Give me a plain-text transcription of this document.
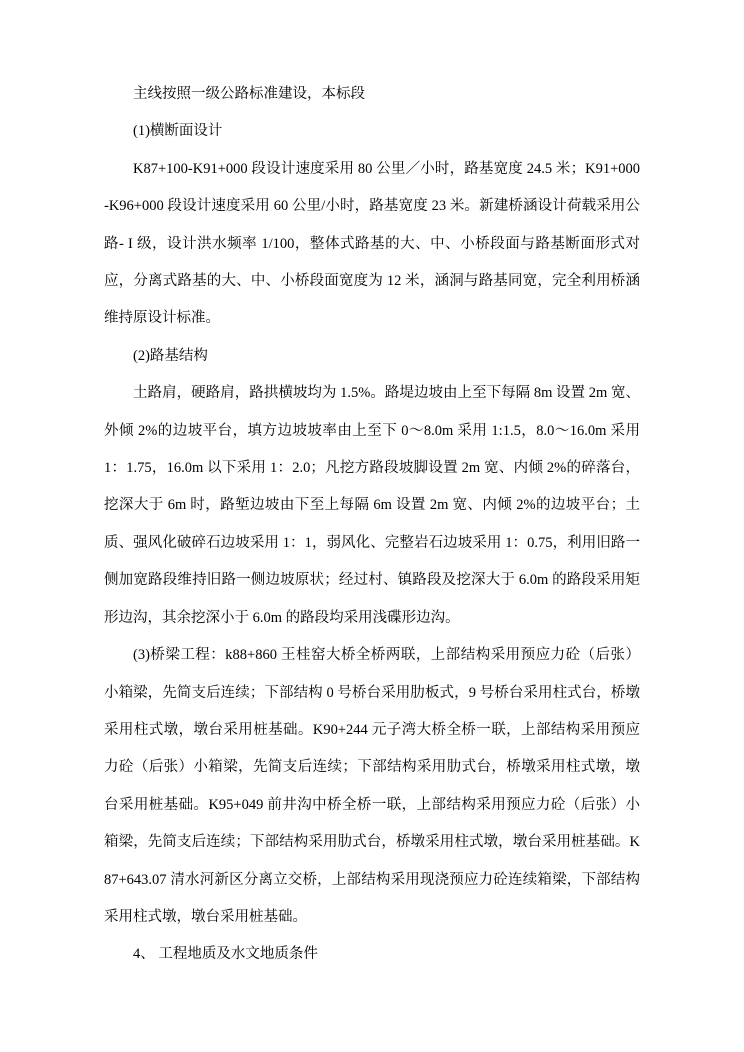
主线按照一级公路标准建设，本标段

(1)横断面设计

K87+100-K91+000 段设计速度采用 80 公里／小时，路基宽度 24.5 米；K91+000-K96+000 段设计速度采用 60 公里/小时，路基宽度 23 米。新建桥涵设计荷载采用公路- I 级，设计洪水频率 1/100，整体式路基的大、中、小桥段面与路基断面形式对应，分离式路基的大、中、小桥段面宽度为 12 米，涵洞与路基同宽，完全利用桥涵维持原设计标准。

(2)路基结构

土路肩，硬路肩，路拱横坡均为 1.5%。路堤边坡由上至下每隔 8m 设置 2m 宽、外倾 2%的边坡平台，填方边坡坡率由上至下 0～8.0m 采用 1:1.5，8.0～16.0m 采用 1：1.75，16.0m 以下采用 1：2.0；凡挖方路段坡脚设置 2m 宽、内倾 2%的碎落台，挖深大于 6m 时，路堑边坡由下至上每隔 6m 设置 2m 宽、内倾 2%的边坡平台；土质、强风化破碎石边坡采用 1：1，弱风化、完整岩石边坡采用 1：0.75，利用旧路一侧加宽路段维持旧路一侧边坡原状；经过村、镇路段及挖深大于 6.0m 的路段采用矩形边沟，其余挖深小于 6.0m 的路段均采用浅碟形边沟。

(3)桥梁工程：k88+860 王桂窑大桥全桥两联，上部结构采用预应力砼（后张）小箱梁，先简支后连续；下部结构 0 号桥台采用肋板式，9 号桥台采用柱式台，桥墩采用柱式墩，墩台采用桩基础。K90+244 元子湾大桥全桥一联，上部结构采用预应力砼（后张）小箱梁，先简支后连续；下部结构采用肋式台，桥墩采用柱式墩，墩台采用桩基础。K95+049 前井沟中桥全桥一联，上部结构采用预应力砼（后张）小箱梁，先简支后连续；下部结构采用肋式台，桥墩采用柱式墩，墩台采用桩基础。K87+643.07 清水河新区分离立交桥，上部结构采用现浇预应力砼连续箱梁，下部结构采用柱式墩，墩台采用桩基础。

4、 工程地质及水文地质条件
